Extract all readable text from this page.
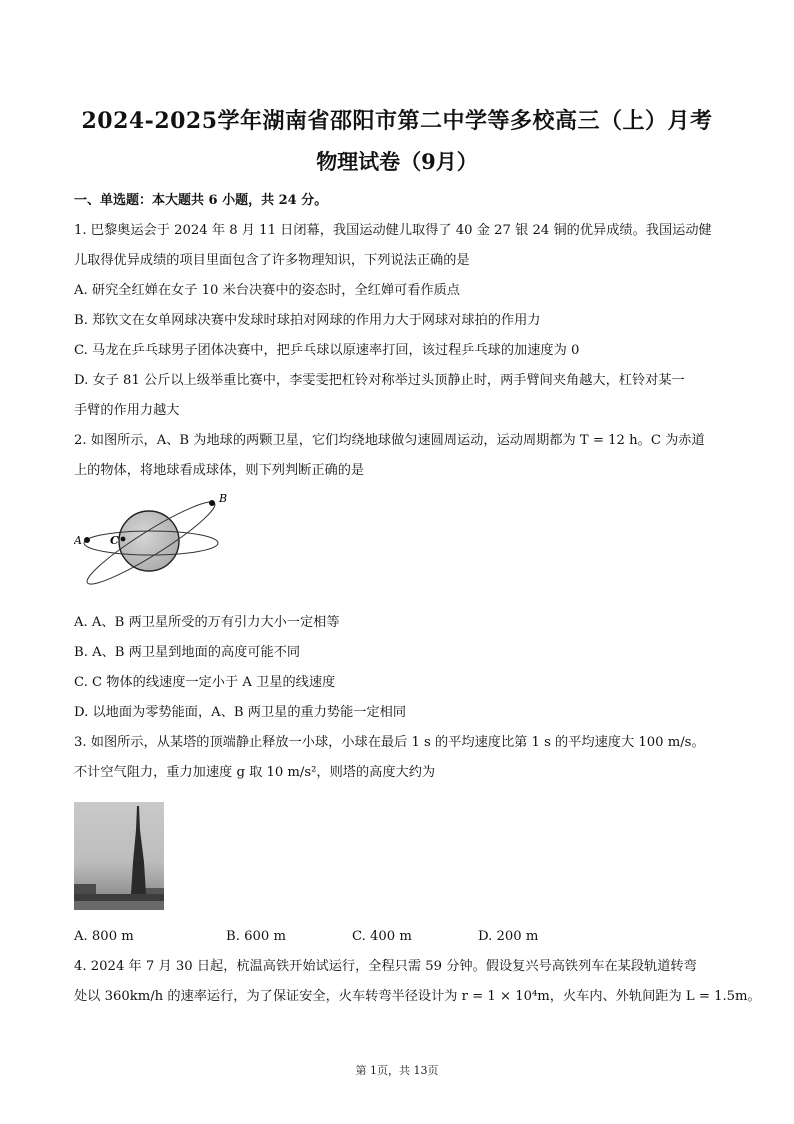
2024-2025学年湖南省邵阳市第二中学等多校高三（上）月考
物理试卷（9月）
一、单选题：本大题共 6 小题，共 24 分。
1. 巴黎奥运会于 2024 年 8 月 11 日闭幕，我国运动健儿取得了 40 金 27 银 24 铜的优异成绩。我国运动健
儿取得优异成绩的项目里面包含了许多物理知识，下列说法正确的是
A. 研究全红婵在女子 10 米台决赛中的姿态时，全红婵可看作质点
B. 郑钦文在女单网球决赛中发球时球拍对网球的作用力大于网球对球拍的作用力
C. 马龙在乒乓球男子团体决赛中，把乒乓球以原速率打回，该过程乒乓球的加速度为 0
D. 女子 81 公斤以上级举重比赛中，李雯雯把杠铃对称举过头顶静止时，两手臂间夹角越大，杠铃对某一
手臂的作用力越大
2. 如图所示，A、B 为地球的两颗卫星，它们均绕地球做匀速圆周运动，运动周期都为 T = 12 h。C 为赤道
上的物体，将地球看成球体，则下列判断正确的是
B
A	C
A. A、B 两卫星所受的万有引力大小一定相等
B. A、B 两卫星到地面的高度可能不同
C. C 物体的线速度一定小于 A 卫星的线速度
D. 以地面为零势能面，A、B 两卫星的重力势能一定相同
3. 如图所示，从某塔的顶端静止释放一小球，小球在最后 1 s 的平均速度比第 1 s 的平均速度大 100 m/s。
不计空气阻力，重力加速度 g 取 10 m/s²，则塔的高度大约为
A. 800 m	B. 600 m	C. 400 m	D. 200 m
4. 2024 年 7 月 30 日起，杭温高铁开始试运行，全程只需 59 分钟。假设复兴号高铁列车在某段轨道转弯
处以 360km/h 的速率运行，为了保证安全，火车转弯半径设计为 r = 1 × 10⁴m，火车内、外轨间距为 L = 1.5m。
第 1页，共 13页
